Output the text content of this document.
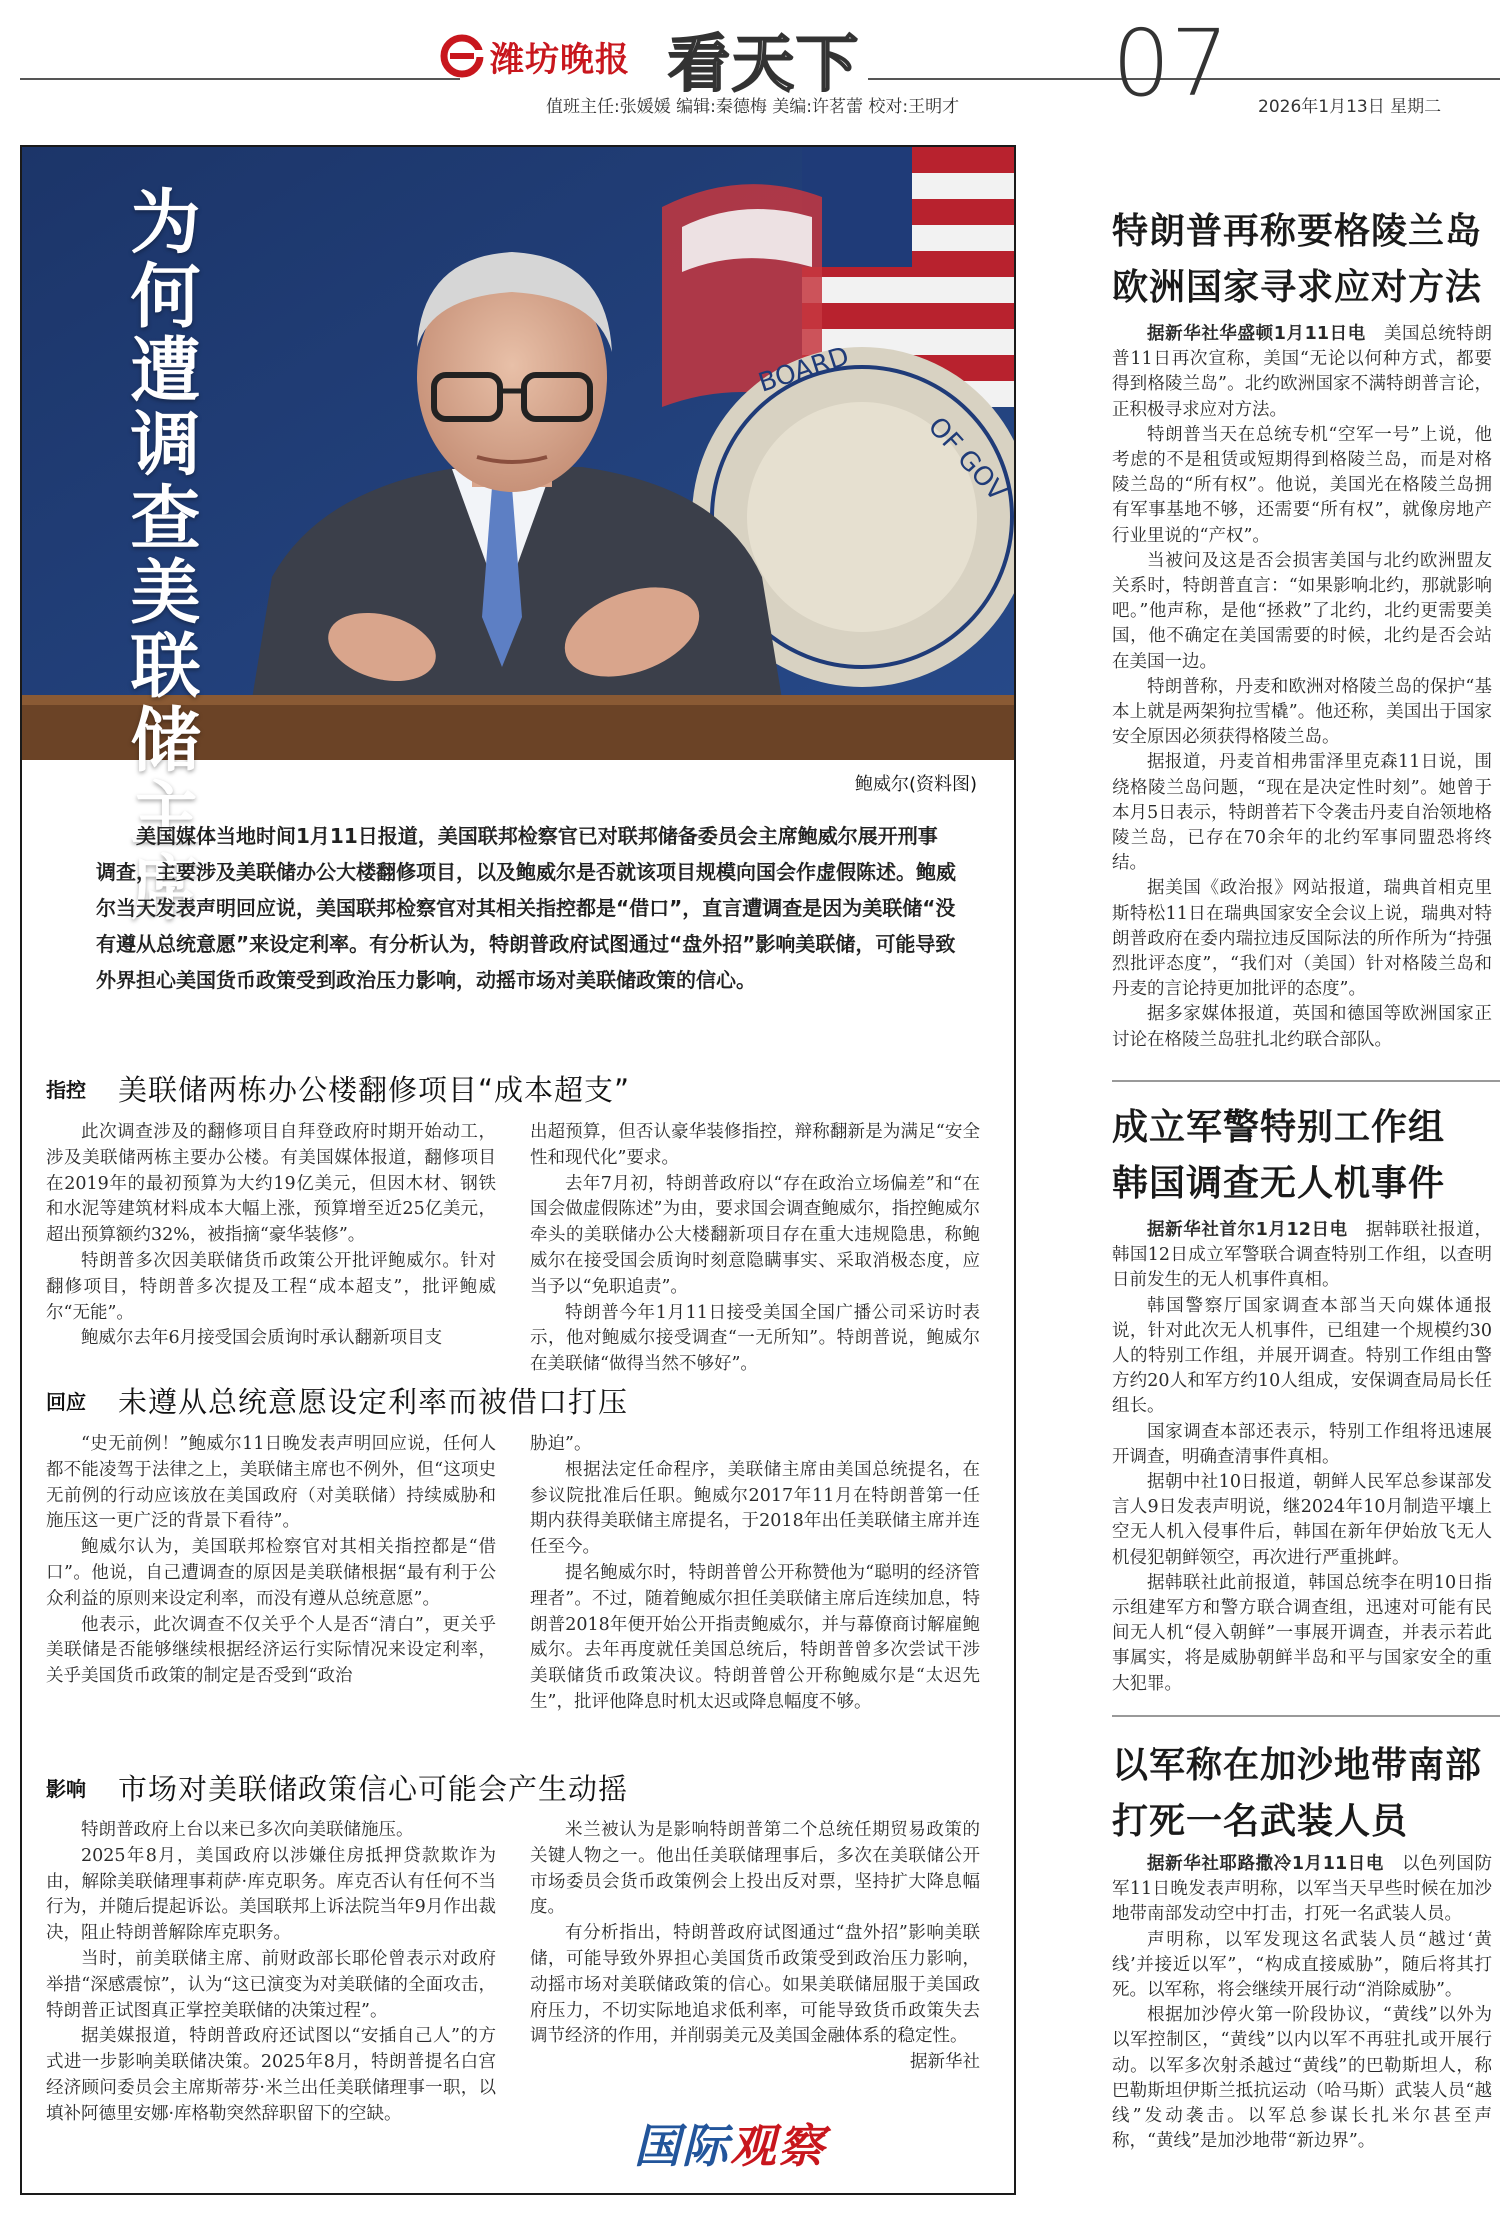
潍坊晚报 看天下	07
值班主任:张媛媛 编辑:秦德梅 美编:许茗蕾 校对:王明才	2026年1月13日 星期二
BOARD
OF GOV
为何遭调查美联储主席	鲍威尔(资料图)
美国媒体当地时间1月11日报道，美国联邦检察官已对联邦储备委员会主席鲍威尔展开刑事调查，主要涉及美联储办公大楼翻修项目，以及鲍威尔是否就该项目规模向国会作虚假陈述。鲍威尔当天发表声明回应说，美国联邦检察官对其相关指控都是“借口”，直言遭调查是因为美联储“没有遵从总统意愿”来设定利率。有分析认为，特朗普政府试图通过“盘外招”影响美联储，可能导致外界担心美国货币政策受到政治压力影响，动摇市场对美联储政策的信心。
指控	美联储两栋办公楼翻修项目“成本超支”

此次调查涉及的翻修项目自拜登政府时期开始动工，涉及美联储两栋主要办公楼。有美国媒体报道，翻修项目在2019年的最初预算为大约19亿美元，但因木材、钢铁和水泥等建筑材料成本大幅上涨，预算增至近25亿美元，超出预算额约32%，被指摘“豪华装修”。

特朗普多次因美联储货币政策公开批评鲍威尔。针对翻修项目，特朗普多次提及工程“成本超支”，批评鲍威尔“无能”。

鲍威尔去年6月接受国会质询时承认翻新项目支

出超预算，但否认豪华装修指控，辩称翻新是为满足“安全性和现代化”要求。

去年7月初，特朗普政府以“存在政治立场偏差”和“在国会做虚假陈述”为由，要求国会调查鲍威尔，指控鲍威尔牵头的美联储办公大楼翻新项目存在重大违规隐患，称鲍威尔在接受国会质询时刻意隐瞒事实、采取消极态度，应当予以“免职追责”。

特朗普今年1月11日接受美国全国广播公司采访时表示，他对鲍威尔接受调查“一无所知”。特朗普说，鲍威尔在美联储“做得当然不够好”。

回应	未遵从总统意愿设定利率而被借口打压

“史无前例！”鲍威尔11日晚发表声明回应说，任何人都不能凌驾于法律之上，美联储主席也不例外，但“这项史无前例的行动应该放在美国政府（对美联储）持续威胁和施压这一更广泛的背景下看待”。

鲍威尔认为，美国联邦检察官对其相关指控都是“借口”。他说，自己遭调查的原因是美联储根据“最有利于公众利益的原则来设定利率，而没有遵从总统意愿”。

他表示，此次调查不仅关乎个人是否“清白”，更关乎美联储是否能够继续根据经济运行实际情况来设定利率，关乎美国货币政策的制定是否受到“政治

胁迫”。

根据法定任命程序，美联储主席由美国总统提名，在参议院批准后任职。鲍威尔2017年11月在特朗普第一任期内获得美联储主席提名，于2018年出任美联储主席并连任至今。

提名鲍威尔时，特朗普曾公开称赞他为“聪明的经济管理者”。不过，随着鲍威尔担任美联储主席后连续加息，特朗普2018年便开始公开指责鲍威尔，并与幕僚商讨解雇鲍威尔。去年再度就任美国总统后，特朗普曾多次尝试干涉美联储货币政策决议。特朗普曾公开称鲍威尔是“太迟先生”，批评他降息时机太迟或降息幅度不够。

影响	市场对美联储政策信心可能会产生动摇

特朗普政府上台以来已多次向美联储施压。

2025年8月，美国政府以涉嫌住房抵押贷款欺诈为由，解除美联储理事莉萨·库克职务。库克否认有任何不当行为，并随后提起诉讼。美国联邦上诉法院当年9月作出裁决，阻止特朗普解除库克职务。

当时，前美联储主席、前财政部长耶伦曾表示对政府举措“深感震惊”，认为“这已演变为对美联储的全面攻击，特朗普正试图真正掌控美联储的决策过程”。

据美媒报道，特朗普政府还试图以“安插自己人”的方式进一步影响美联储决策。2025年8月，特朗普提名白宫经济顾问委员会主席斯蒂芬·米兰出任美联储理事一职，以填补阿德里安娜·库格勒突然辞职留下的空缺。

米兰被认为是影响特朗普第二个总统任期贸易政策的关键人物之一。他出任美联储理事后，多次在美联储公开市场委员会货币政策例会上投出反对票，坚持扩大降息幅度。

有分析指出，特朗普政府试图通过“盘外招”影响美联储，可能导致外界担心美国货币政策受到政治压力影响，动摇市场对美联储政策的信心。如果美联储屈服于美国政府压力，不切实际地追求低利率，可能导致货币政策失去调节经济的作用，并削弱美元及美国金融体系的稳定性。

据新华社

国际观察
特朗普再称要格陵兰岛
欧洲国家寻求应对方法

据新华社华盛顿1月11日电　 美国总统特朗普11日再次宣称，美国“无论以何种方式，都要得到格陵兰岛”。北约欧洲国家不满特朗普言论，正积极寻求应对方法。

特朗普当天在总统专机“空军一号”上说，他考虑的不是租赁或短期得到格陵兰岛，而是对格陵兰岛的“所有权”。他说，美国光在格陵兰岛拥有军事基地不够，还需要“所有权”，就像房地产行业里说的“产权”。

当被问及这是否会损害美国与北约欧洲盟友关系时，特朗普直言：“如果影响北约，那就影响吧。”他声称，是他“拯救”了北约，北约更需要美国，他不确定在美国需要的时候，北约是否会站在美国一边。

特朗普称，丹麦和欧洲对格陵兰岛的保护“基本上就是两架狗拉雪橇”。他还称，美国出于国家安全原因必须获得格陵兰岛。

据报道，丹麦首相弗雷泽里克森11日说，围绕格陵兰岛问题，“现在是决定性时刻”。她曾于本月5日表示，特朗普若下令袭击丹麦自治领地格陵兰岛，已存在70余年的北约军事同盟恐将终结。

据美国《政治报》网站报道，瑞典首相克里斯特松11日在瑞典国家安全会议上说，瑞典对特朗普政府在委内瑞拉违反国际法的所作所为“持强烈批评态度”，“我们对（美国）针对格陵兰岛和丹麦的言论持更加批评的态度”。

据多家媒体报道，英国和德国等欧洲国家正讨论在格陵兰岛驻扎北约联合部队。

成立军警特别工作组
韩国调查无人机事件

据新华社首尔1月12日电　 据韩联社报道，韩国12日成立军警联合调查特别工作组，以查明日前发生的无人机事件真相。

韩国警察厅国家调查本部当天向媒体通报说，针对此次无人机事件，已组建一个规模约30人的特别工作组，并展开调查。特别工作组由警方约20人和军方约10人组成，安保调查局局长任组长。

国家调查本部还表示，特别工作组将迅速展开调查，明确查清事件真相。

据朝中社10日报道，朝鲜人民军总参谋部发言人9日发表声明说，继2024年10月制造平壤上空无人机入侵事件后，韩国在新年伊始放飞无人机侵犯朝鲜领空，再次进行严重挑衅。

据韩联社此前报道，韩国总统李在明10日指示组建军方和警方联合调查组，迅速对可能有民间无人机“侵入朝鲜”一事展开调查，并表示若此事属实，将是威胁朝鲜半岛和平与国家安全的重大犯罪。

以军称在加沙地带南部
打死一名武装人员

据新华社耶路撒冷1月11日电　 以色列国防军11日晚发表声明称，以军当天早些时候在加沙地带南部发动空中打击，打死一名武装人员。

声明称，以军发现这名武装人员“越过‘黄线’并接近以军”，“构成直接威胁”，随后将其打死。以军称，将会继续开展行动“消除威胁”。

根据加沙停火第一阶段协议，“黄线”以外为以军控制区，“黄线”以内以军不再驻扎或开展行动。以军多次射杀越过“黄线”的巴勒斯坦人，称巴勒斯坦伊斯兰抵抗运动（哈马斯）武装人员“越线”发动袭击。以军总参谋长扎米尔甚至声称，“黄线”是加沙地带“新边界”。
